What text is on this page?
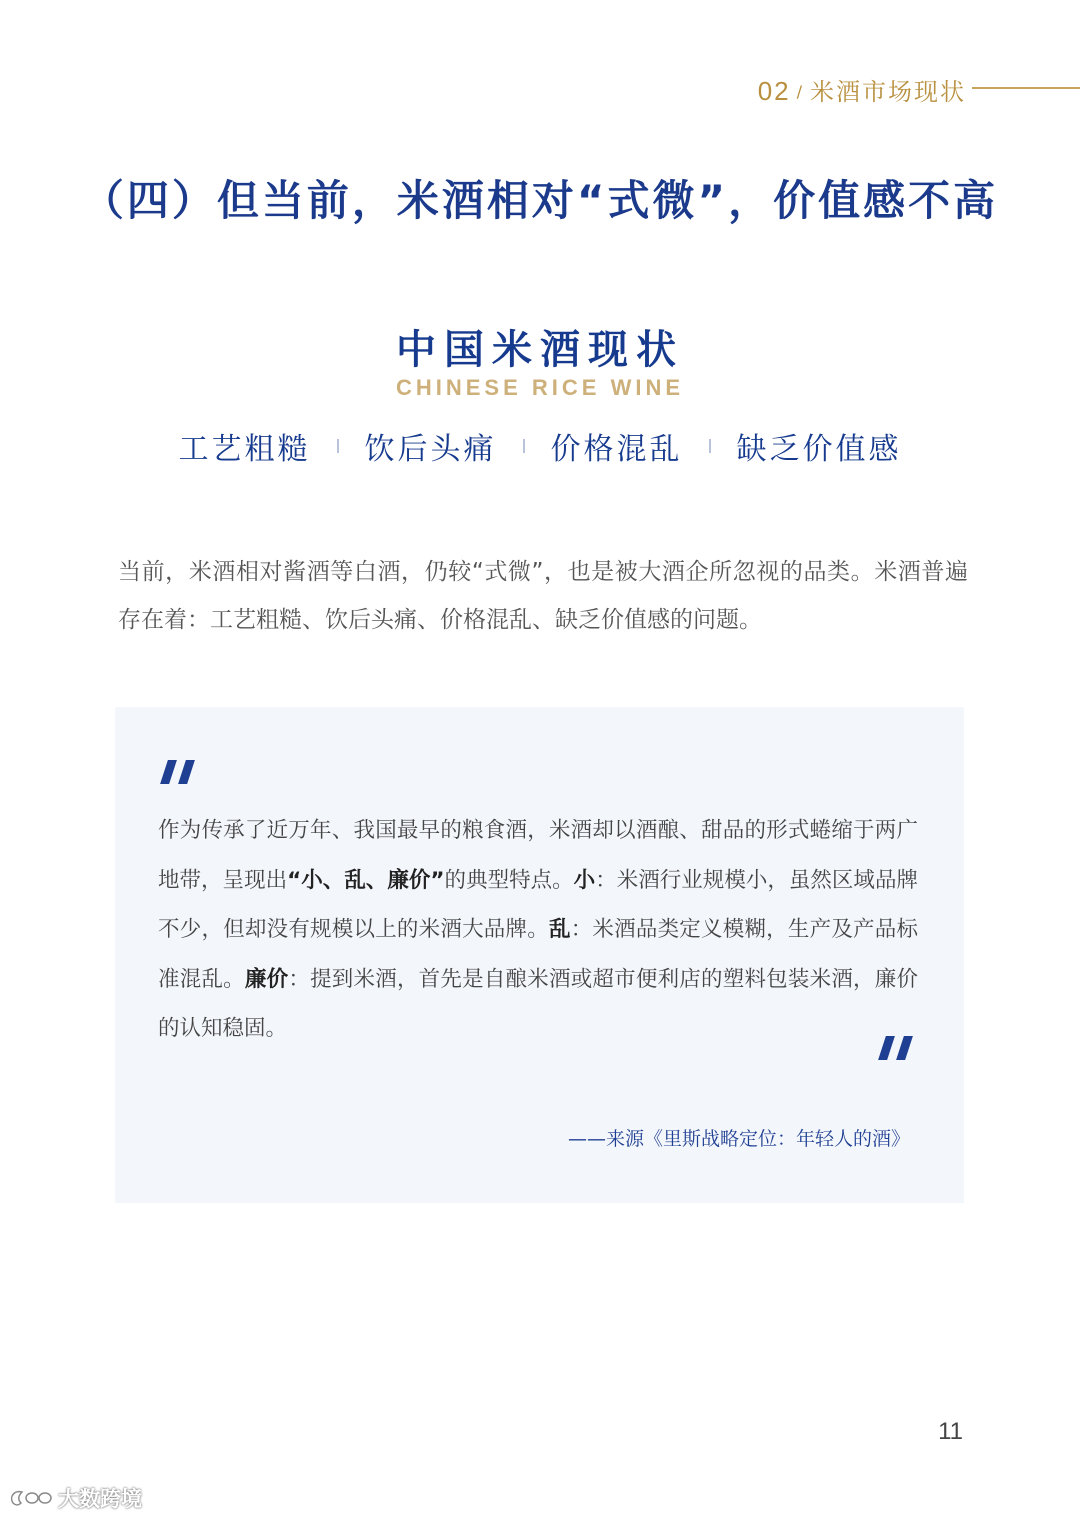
02 / 米酒市场现状
（四）但当前，米酒相对“式微”，价值感不高
中国米酒现状
CHINESE RICE WINE
工艺粗糙 饮后头痛 价格混乱 缺乏价值感
当前，米酒相对酱酒等白酒，仍较“式微”，也是被大酒企所忽视的品类。米酒普遍存在着：工艺粗糙、饮后头痛、价格混乱、缺乏价值感的问题。
作为传承了近万年、我国最早的粮食酒，米酒却以酒酿、甜品的形式蜷缩于两广地带，呈现出“小、乱、廉价”的典型特点。小：米酒行业规模小，虽然区域品牌不少，但却没有规模以上的米酒大品牌。乱：米酒品类定义模糊，生产及产品标准混乱。廉价：提到米酒，首先是自酿米酒或超市便利店的塑料包装米酒，廉价的认知稳固。
——来源《里斯战略定位：年轻人的酒》
11
大数跨境
